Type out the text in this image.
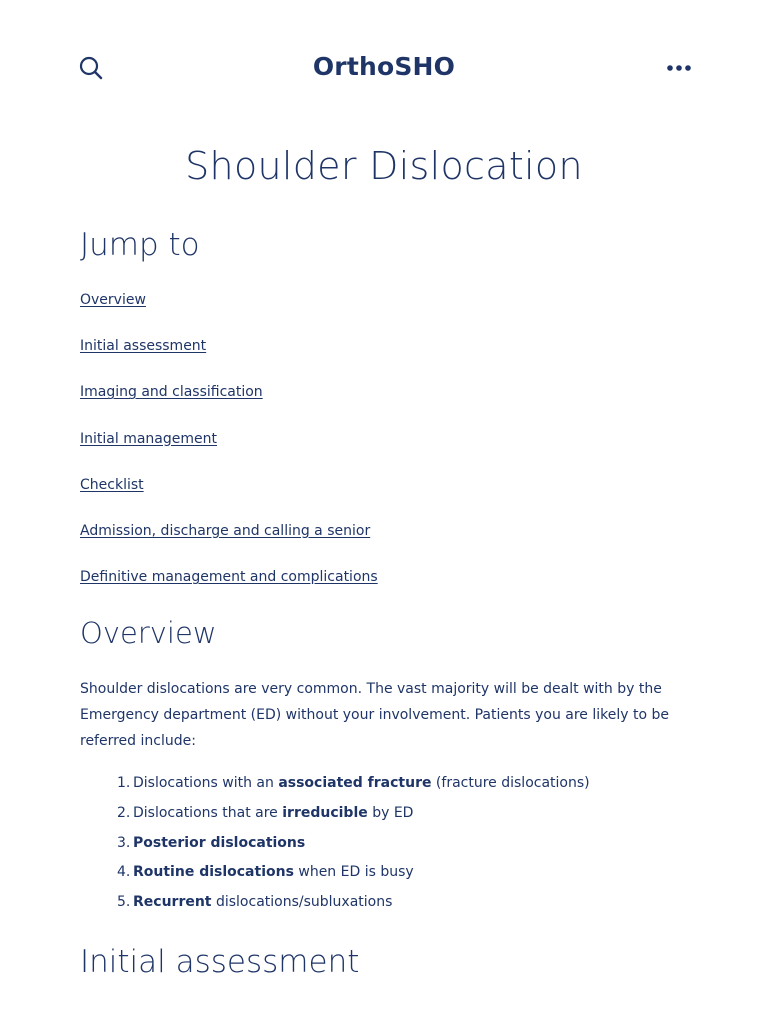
OrthoSHO
Shoulder Dislocation
Jump to
Overview
Initial assessment
Imaging and classification
Initial management
Checklist
Admission, discharge and calling a senior
Definitive management and complications
Overview

Shoulder dislocations are very common. The vast majority will be dealt with by the Emergency department (ED) without your involvement. Patients you are likely to be referred include:

1. Dislocations with an associated fracture (fracture dislocations)
2. Dislocations that are irreducible by ED
3. Posterior dislocations
4. Routine dislocations when ED is busy
5. Recurrent dislocations/subluxations
Initial assessment
